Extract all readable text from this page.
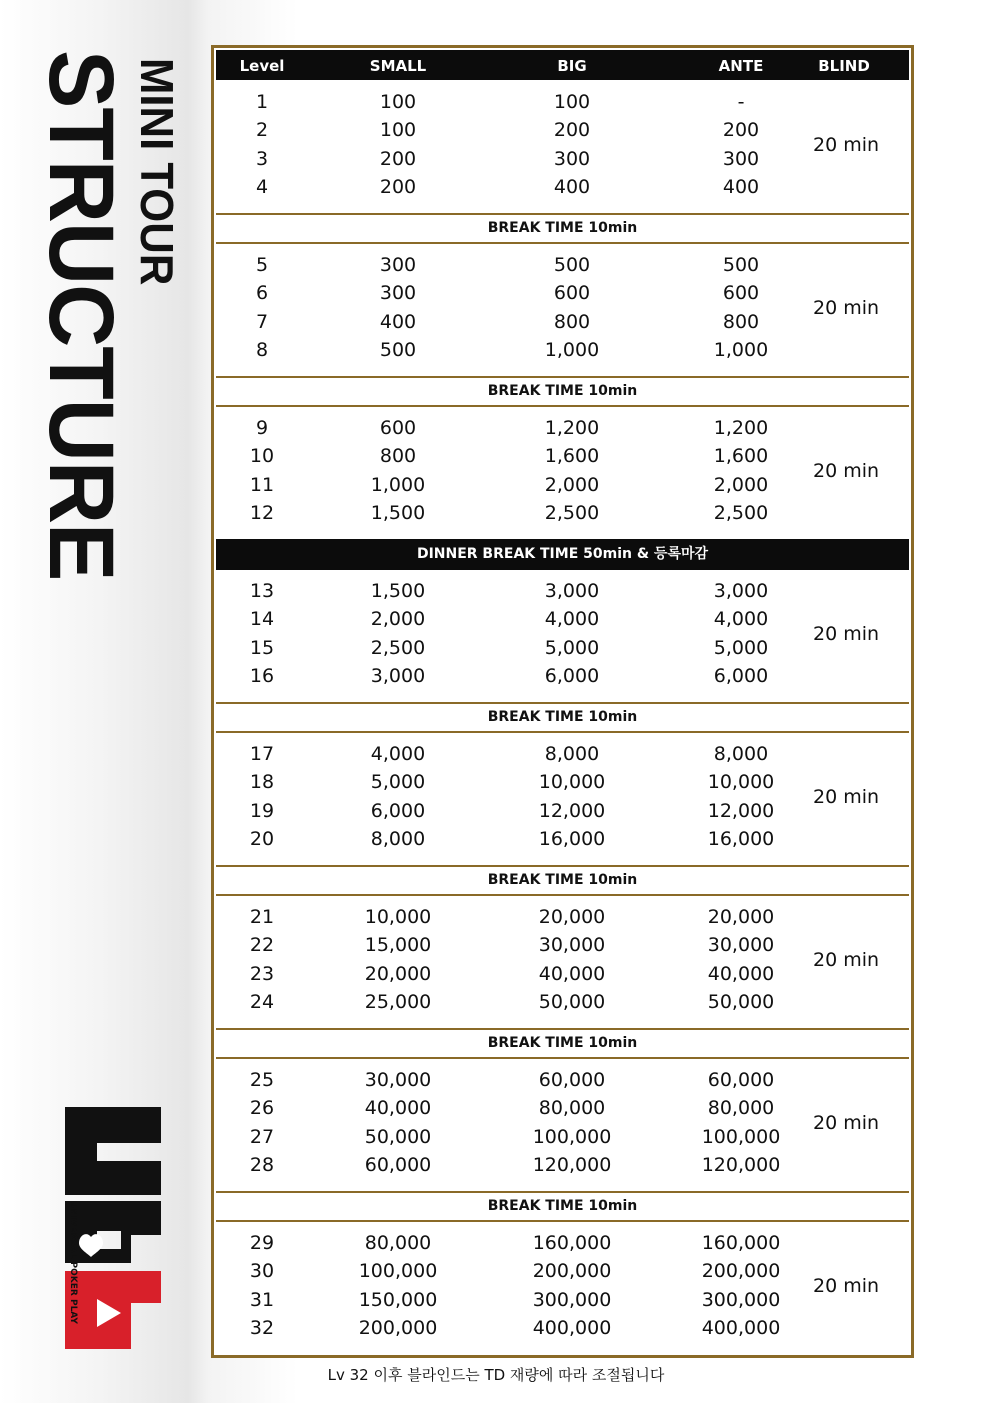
MINI TOUR
STRUCTURE
UNIVERSAL POKER PLAY
Level	SMALL	BIG	ANTE	BLIND
1	100	100	-
2	100	200	200
3	200	300	300
4	200	400	400
20 min
BREAK TIME 10min
5	300	500	500
6	300	600	600
7	400	800	800
8	500	1,000	1,000
20 min
BREAK TIME 10min
9	600	1,200	1,200
10	800	1,600	1,600
11	1,000	2,000	2,000
12	1,500	2,500	2,500
20 min
DINNER BREAK TIME 50min & 등록마감
13	1,500	3,000	3,000
14	2,000	4,000	4,000
15	2,500	5,000	5,000
16	3,000	6,000	6,000
20 min
BREAK TIME 10min
17	4,000	8,000	8,000
18	5,000	10,000	10,000
19	6,000	12,000	12,000
20	8,000	16,000	16,000
20 min
BREAK TIME 10min
21	10,000	20,000	20,000
22	15,000	30,000	30,000
23	20,000	40,000	40,000
24	25,000	50,000	50,000
20 min
BREAK TIME 10min
25	30,000	60,000	60,000
26	40,000	80,000	80,000
27	50,000	100,000	100,000
28	60,000	120,000	120,000
20 min
BREAK TIME 10min
29	80,000	160,000	160,000
30	100,000	200,000	200,000
31	150,000	300,000	300,000
32	200,000	400,000	400,000
20 min
Lv 32 이후 블라인드는 TD 재량에 따라 조절됩니다
